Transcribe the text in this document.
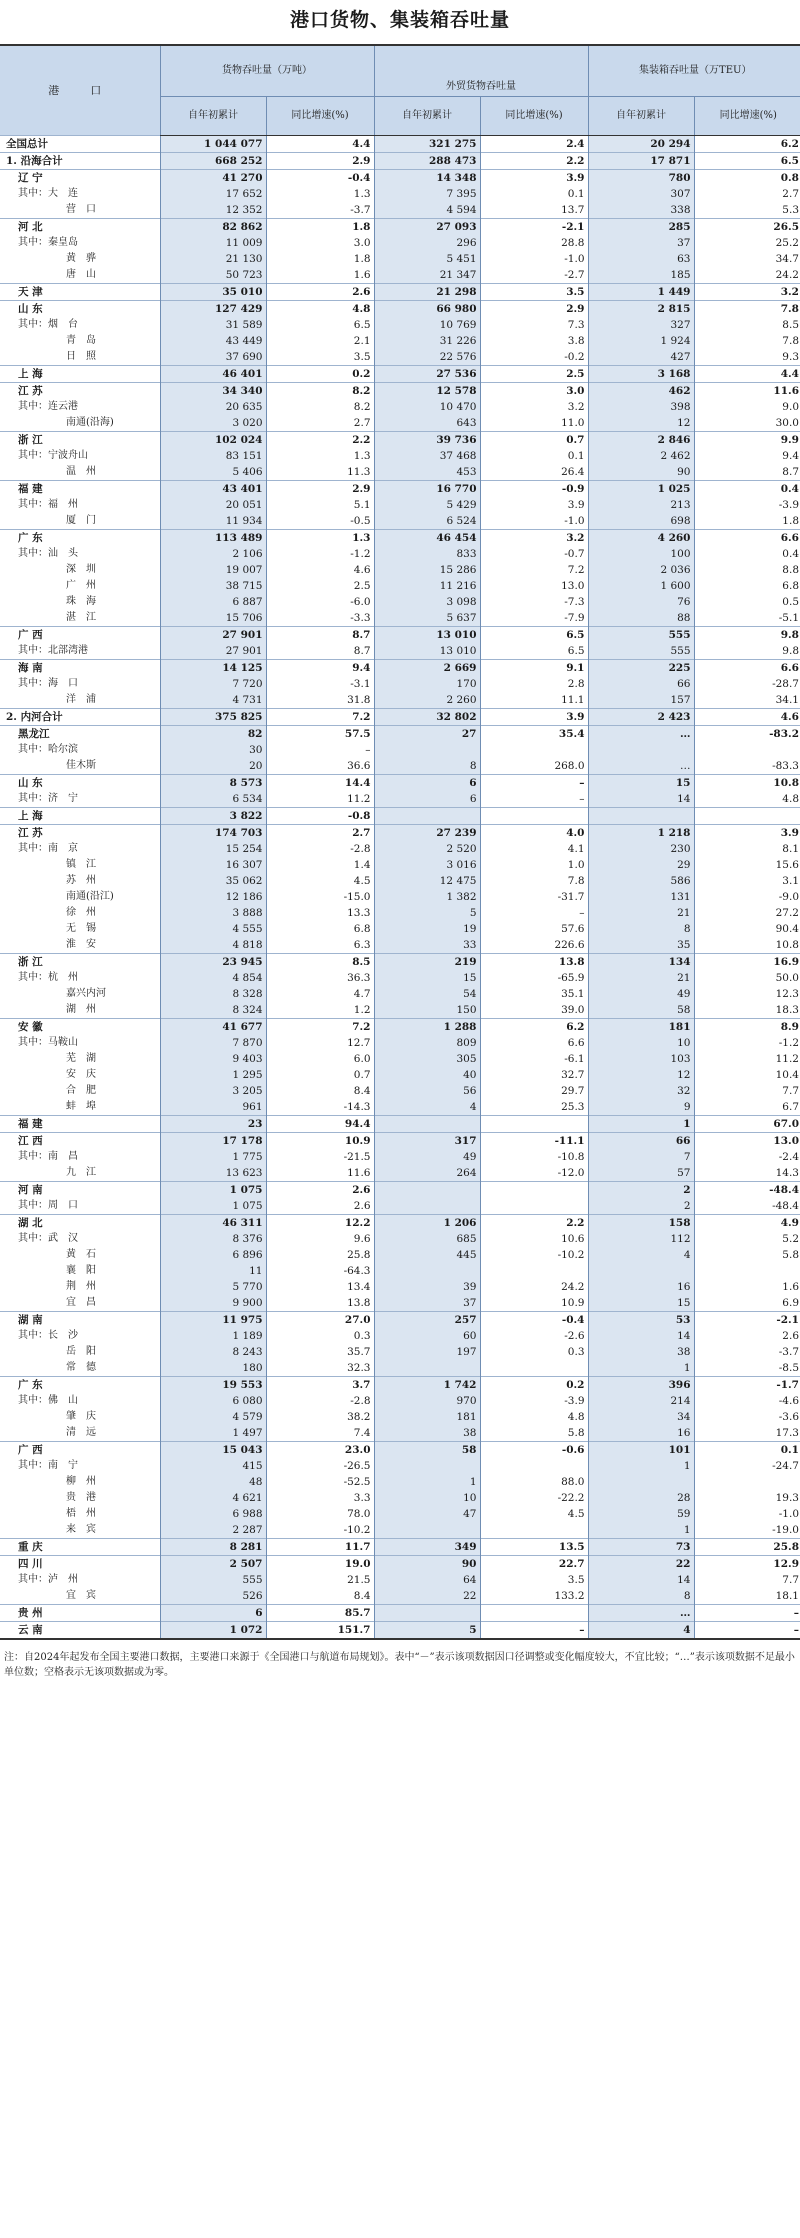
港口货物、集装箱吞吐量
港　口	货物吞吐量（万吨）				集装箱吞吐量（万TEU）	
			外贸货物吞吐量			
	自年初累计	同比增速(%)	自年初累计	同比增速(%)	自年初累计	同比增速(%)
全国总计	1 044 077	4.4	321 275	2.4	20 294	6.2
1. 沿海合计	668 252	2.9	288 473	2.2	17 871	6.5
辽 宁	41 270	-0.4	14 348	3.9	780	0.8
其中：大　连	17 652	1.3	7 395	0.1	307	2.7
营　口	12 352	-3.7	4 594	13.7	338	5.3
河 北	82 862	1.8	27 093	-2.1	285	26.5
其中：秦皇岛	11 009	3.0	296	28.8	37	25.2
黄　骅	21 130	1.8	5 451	-1.0	63	34.7
唐　山	50 723	1.6	21 347	-2.7	185	24.2
天 津	35 010	2.6	21 298	3.5	1 449	3.2
山 东	127 429	4.8	66 980	2.9	2 815	7.8
其中：烟　台	31 589	6.5	10 769	7.3	327	8.5
青　岛	43 449	2.1	31 226	3.8	1 924	7.8
日　照	37 690	3.5	22 576	-0.2	427	9.3
上 海	46 401	0.2	27 536	2.5	3 168	4.4
江 苏	34 340	8.2	12 578	3.0	462	11.6
其中：连云港	20 635	8.2	10 470	3.2	398	9.0
南通(沿海)	3 020	2.7	643	11.0	12	30.0
浙 江	102 024	2.2	39 736	0.7	2 846	9.9
其中：宁波舟山	83 151	1.3	37 468	0.1	2 462	9.4
温　州	5 406	11.3	453	26.4	90	8.7
福 建	43 401	2.9	16 770	-0.9	1 025	0.4
其中：福　州	20 051	5.1	5 429	3.9	213	-3.9
厦　门	11 934	-0.5	6 524	-1.0	698	1.8
广 东	113 489	1.3	46 454	3.2	4 260	6.6
其中：汕　头	2 106	-1.2	833	-0.7	100	0.4
深　圳	19 007	4.6	15 286	7.2	2 036	8.8
广　州	38 715	2.5	11 216	13.0	1 600	6.8
珠　海	6 887	-6.0	3 098	-7.3	76	0.5
湛　江	15 706	-3.3	5 637	-7.9	88	-5.1
广 西	27 901	8.7	13 010	6.5	555	9.8
其中：北部湾港	27 901	8.7	13 010	6.5	555	9.8
海 南	14 125	9.4	2 669	9.1	225	6.6
其中：海　口	7 720	-3.1	170	2.8	66	-28.7
洋　浦	4 731	31.8	2 260	11.1	157	34.1
2. 内河合计	375 825	7.2	32 802	3.9	2 423	4.6
黑龙江	82	57.5	27	35.4	…	-83.2
其中：哈尔滨	30	–				
佳木斯	20	36.6	8	268.0	…	-83.3
山 东	8 573	14.4	6	–	15	10.8
其中：济　宁	6 534	11.2	6	–	14	4.8
上 海	3 822	-0.8				
江 苏	174 703	2.7	27 239	4.0	1 218	3.9
其中：南　京	15 254	-2.8	2 520	4.1	230	8.1
镇　江	16 307	1.4	3 016	1.0	29	15.6
苏　州	35 062	4.5	12 475	7.8	586	3.1
南通(沿江)	12 186	-15.0	1 382	-31.7	131	-9.0
徐　州	3 888	13.3	5	–	21	27.2
无　锡	4 555	6.8	19	57.6	8	90.4
淮　安	4 818	6.3	33	226.6	35	10.8
浙 江	23 945	8.5	219	13.8	134	16.9
其中：杭　州	4 854	36.3	15	-65.9	21	50.0
嘉兴内河	8 328	4.7	54	35.1	49	12.3
湖　州	8 324	1.2	150	39.0	58	18.3
安 徽	41 677	7.2	1 288	6.2	181	8.9
其中：马鞍山	7 870	12.7	809	6.6	10	-1.2
芜　湖	9 403	6.0	305	-6.1	103	11.2
安　庆	1 295	0.7	40	32.7	12	10.4
合　肥	3 205	8.4	56	29.7	32	7.7
蚌　埠	961	-14.3	4	25.3	9	6.7
福 建	23	94.4			1	67.0
江 西	17 178	10.9	317	-11.1	66	13.0
其中：南　昌	1 775	-21.5	49	-10.8	7	-2.4
九　江	13 623	11.6	264	-12.0	57	14.3
河 南	1 075	2.6			2	-48.4
其中：周　口	1 075	2.6			2	-48.4
湖 北	46 311	12.2	1 206	2.2	158	4.9
其中：武　汉	8 376	9.6	685	10.6	112	5.2
黄　石	6 896	25.8	445	-10.2	4	5.8
襄　阳	11	-64.3				
荆　州	5 770	13.4	39	24.2	16	1.6
宜　昌	9 900	13.8	37	10.9	15	6.9
湖 南	11 975	27.0	257	-0.4	53	-2.1
其中：长　沙	1 189	0.3	60	-2.6	14	2.6
岳　阳	8 243	35.7	197	0.3	38	-3.7
常　德	180	32.3			1	-8.5
广 东	19 553	3.7	1 742	0.2	396	-1.7
其中：佛　山	6 080	-2.8	970	-3.9	214	-4.6
肇　庆	4 579	38.2	181	4.8	34	-3.6
清　远	1 497	7.4	38	5.8	16	17.3
广 西	15 043	23.0	58	-0.6	101	0.1
其中：南　宁	415	-26.5			1	-24.7
柳　州	48	-52.5	1	88.0		
贵　港	4 621	3.3	10	-22.2	28	19.3
梧　州	6 988	78.0	47	4.5	59	-1.0
来　宾	2 287	-10.2			1	-19.0
重 庆	8 281	11.7	349	13.5	73	25.8
四 川	2 507	19.0	90	22.7	22	12.9
其中：泸　州	555	21.5	64	3.5	14	7.7
宜　宾	526	8.4	22	133.2	8	18.1
贵 州	6	85.7			…	–
云 南	1 072	151.7	5	–	4	–
注：自2024年起发布全国主要港口数据，主要港口来源于《全国港口与航道布局规划》。表中“－”表示该项数据因口径调整或变化幅度较大，不宜比较；“…”表示该项数据不足最小单位数；空格表示无该项数据或为零。
